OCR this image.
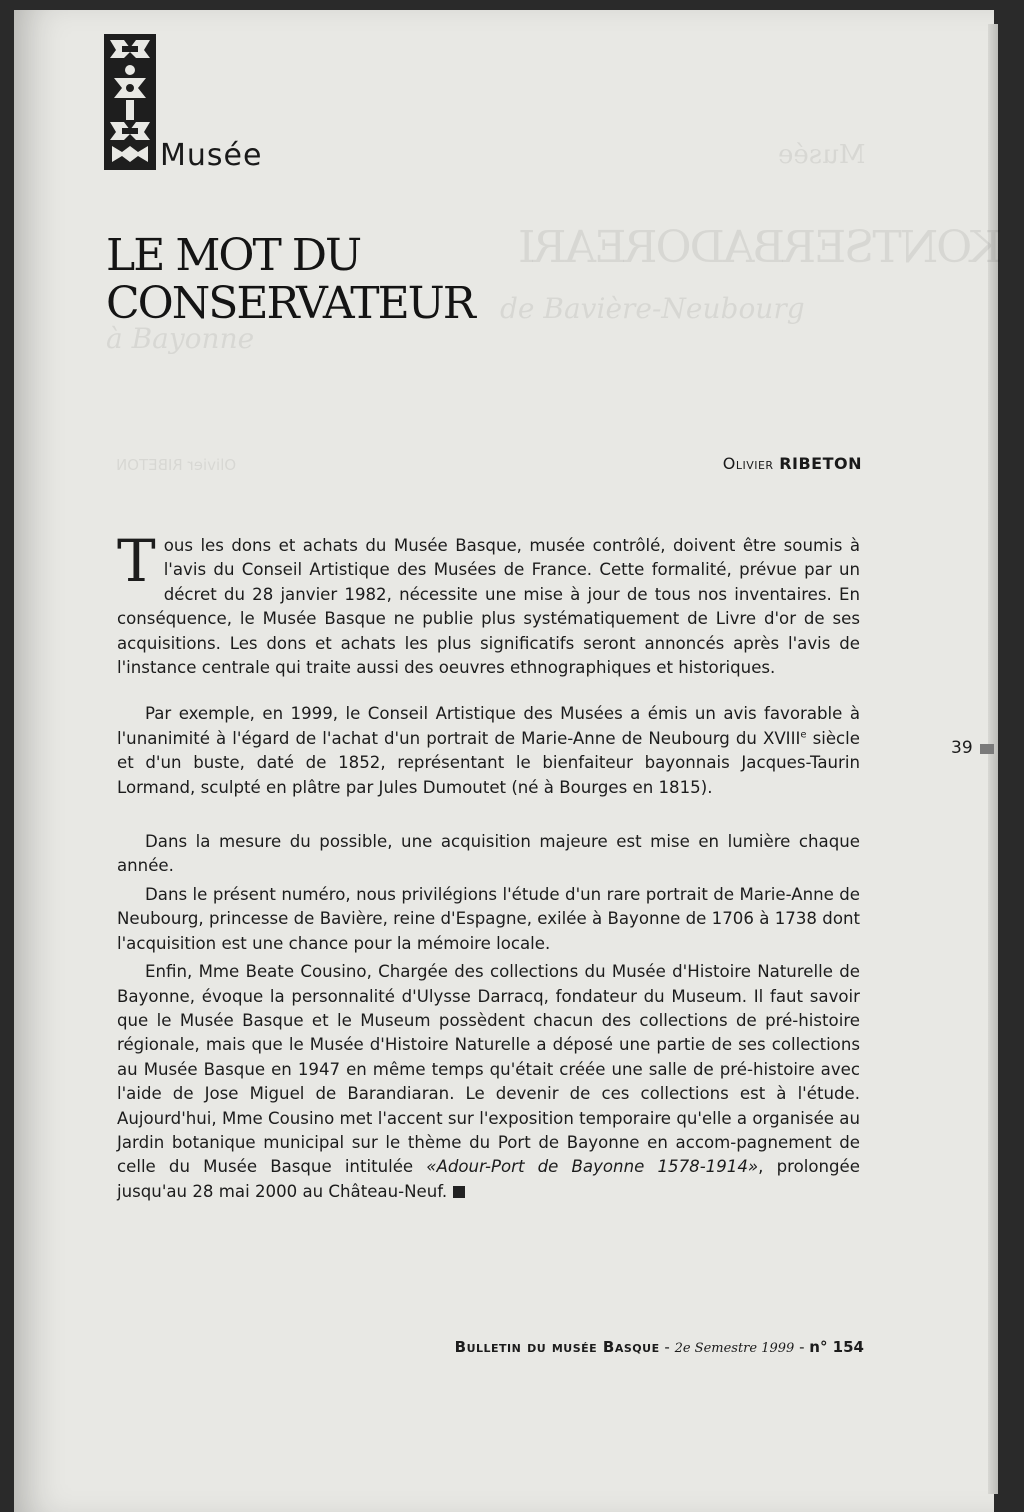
KONTSERBADOREARI
de Bavière-Neubourg
à Bayonne
Musée
Olivier RIBETON
Musée
LE MOT DU
CONSERVATEUR
Olivier RIBETON

Tous les dons et achats du Musée Basque, musée contrôlé, doivent être soumis à l'avis du Conseil Artistique des Musées de France. Cette formalité, prévue par un décret du 28 janvier 1982, nécessite une mise à jour de tous nos inventaires. En conséquence, le Musée Basque ne publie plus systématiquement de Livre d'or de ses acquisitions. Les dons et achats les plus significatifs seront annoncés après l'avis de l'instance centrale qui traite aussi des oeuvres ethnographiques et historiques.

Par exemple, en 1999, le Conseil Artistique des Musées a émis un avis favorable à l'unanimité à l'égard de l'achat d'un portrait de Marie-Anne de Neubourg du XVIIIe siècle et d'un buste, daté de 1852, représentant le bienfaiteur bayonnais Jacques-Taurin Lormand, sculpté en plâtre par Jules Dumoutet (né à Bourges en 1815).

Dans la mesure du possible, une acquisition majeure est mise en lumière chaque année.

Dans le présent numéro, nous privilégions l'étude d'un rare portrait de Marie-Anne de Neubourg, princesse de Bavière, reine d'Espagne, exilée à Bayonne de 1706 à 1738 dont l'acquisition est une chance pour la mémoire locale.

Enfin, Mme Beate Cousino, Chargée des collections du Musée d'Histoire Naturelle de Bayonne, évoque la personnalité d'Ulysse Darracq, fondateur du Museum. Il faut savoir que le Musée Basque et le Museum possèdent chacun des collections de pré-histoire régionale, mais que le Musée d'Histoire Naturelle a déposé une partie de ses collections au Musée Basque en 1947 en même temps qu'était créée une salle de pré-histoire avec l'aide de Jose Miguel de Barandiaran. Le devenir de ces collections est à l'étude. Aujourd'hui, Mme Cousino met l'accent sur l'exposition temporaire qu'elle a organisée au Jardin botanique municipal sur le thème du Port de Bayonne en accom-pagnement de celle du Musée Basque intitulée «Adour-Port de Bayonne 1578-1914», prolongée jusqu'au 28 mai 2000 au Château-Neuf.

39
Bulletin du musée Basque - 2e Semestre 1999 - n° 154
